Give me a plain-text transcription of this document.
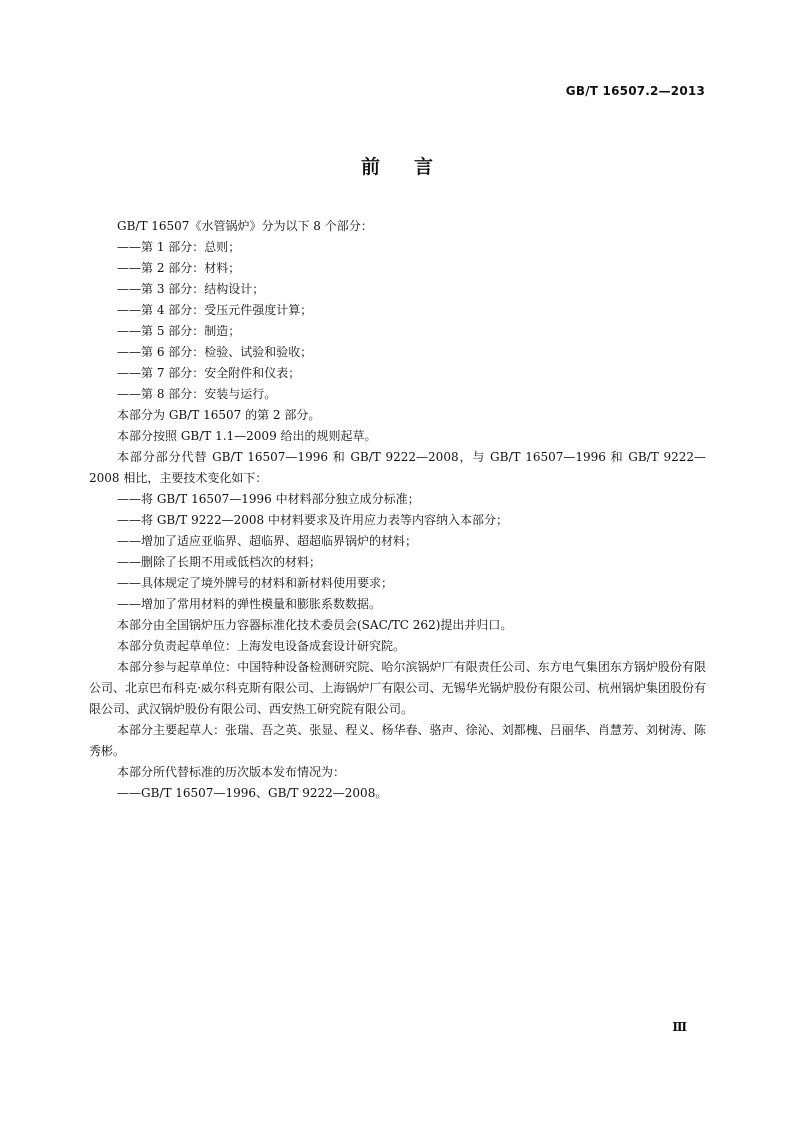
GB/T 16507.2—2013
前言

GB/T 16507《水管锅炉》分为以下 8 个部分：

——第 1 部分：总则；

——第 2 部分：材料；

——第 3 部分：结构设计；

——第 4 部分：受压元件强度计算；

——第 5 部分：制造；

——第 6 部分：检验、试验和验收；

——第 7 部分：安全附件和仪表；

——第 8 部分：安装与运行。

本部分为 GB/T 16507 的第 2 部分。

本部分按照 GB/T 1.1—2009 给出的规则起草。

本部分部分代替 GB/T 16507—1996 和 GB/T 9222—2008，与 GB/T 16507—1996 和 GB/T 9222—2008 相比，主要技术变化如下：

——将 GB/T 16507—1996 中材料部分独立成分标准；

——将 GB/T 9222—2008 中材料要求及许用应力表等内容纳入本部分；

——增加了适应亚临界、超临界、超超临界锅炉的材料；

——删除了长期不用或低档次的材料；

——具体规定了境外牌号的材料和新材料使用要求；

——增加了常用材料的弹性模量和膨胀系数数据。

本部分由全国锅炉压力容器标准化技术委员会(SAC/TC 262)提出并归口。

本部分负责起草单位：上海发电设备成套设计研究院。

本部分参与起草单位：中国特种设备检测研究院、哈尔滨锅炉厂有限责任公司、东方电气集团东方锅炉股份有限公司、北京巴布科克·威尔科克斯有限公司、上海锅炉厂有限公司、无锡华光锅炉股份有限公司、杭州锅炉集团股份有限公司、武汉锅炉股份有限公司、西安热工研究院有限公司。

本部分主要起草人：张瑞、吾之英、张显、程义、杨华春、骆声、徐沁、刘都槐、吕丽华、肖慧芳、刘树涛、陈秀彬。

本部分所代替标准的历次版本发布情况为：

——GB/T 16507—1996、GB/T 9222—2008。

Ⅲ
